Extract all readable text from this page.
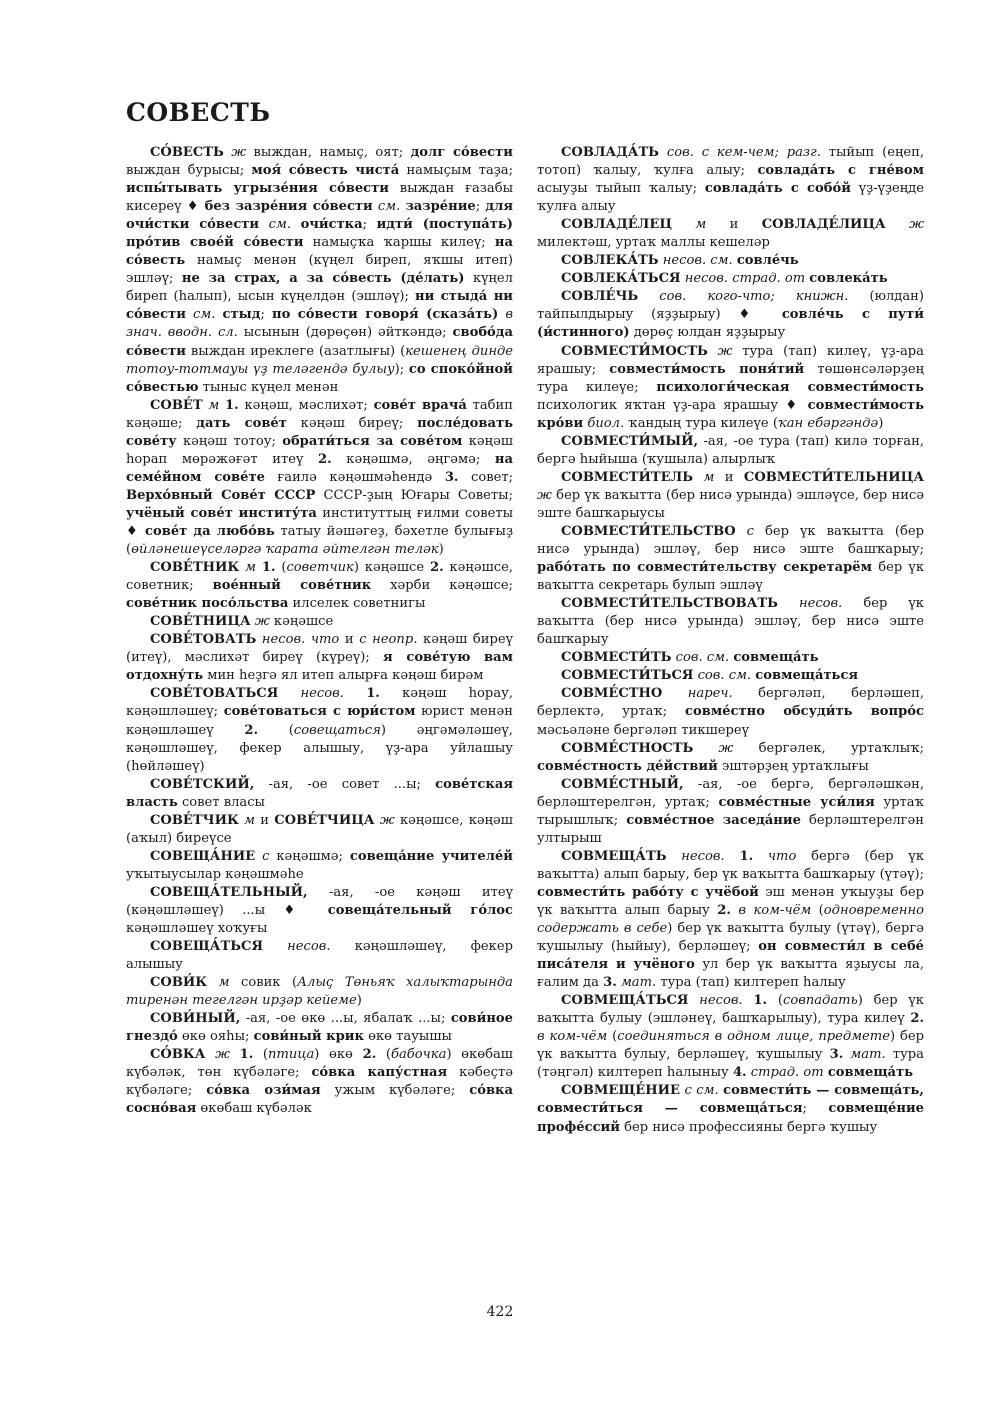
СОВЕСТЬ

СО́ВЕСТЬ ж выждан, намыҫ, оят; долг со́вести выждан бурысы; моя́ со́весть чиста́ намыҫым таҙа; испы́тывать угрызе́ния со́вести выждан ғазабы кисереү ♦ без зазре́ния со́вести см. зазре́ние; для очи́стки со́вести см. очи́стка; идти́ (поступа́ть) про́тив свое́й со́вести намыҫҡа ҡаршы килеү; на со́весть намыҫ менән (күңел биреп, яҡшы итеп) эшләү; не за страх, а за со́весть (де́лать) күңел биреп (һалып), ысын күңелдән (эшләү); ни стыда́ ни со́вести см. стыд; по со́вести говоря́ (сказа́ть) в знач. вводн. сл. ысынын (дөрөҫөн) әйткәндә; свобо́да со́вести выждан иреклеге (азатлығы) (кешенең динде тотоу-тотмауы үҙ теләгендә булыу); со споко́йной со́вестью тыныс күңел менән

СОВЕ́Т м 1. кәңәш, мәслихәт; сове́т врача́ табип кәңәше; дать сове́т кәңәш биреү; после́довать сове́ту кәңәш тотоу; обрати́ться за сове́том кәңәш һорап мөрәжәғәт итеү 2. кәңәшмә, әңгәмә; на семе́йном сове́те ғаилә кәңәшмәһендә 3. совет; Верхо́вный Сове́т СССР СССР-ҙың Юғары Советы; учёный сове́т институ́та институттың ғилми советы ♦ сове́т да любо́вь татыу йәшәгеҙ, бәхетле булығыҙ (өйләнешеүселәргә ҡарата әйтелгән теләк)

СОВЕ́ТНИК м 1. (советчик) кәңәшсе 2. кәңәшсе, советник; вое́нный сове́тник хәрби кәңәшсе; сове́тник посо́льства илселек советнигы

СОВЕ́ТНИЦА ж кәңәшсе

СОВЕ́ТОВАТЬ несов. что и с неопр. кәңәш биреү (итеү), мәслихәт биреү (күреү); я сове́тую вам отдохну́ть мин һеҙгә ял итеп алырға кәңәш бирәм

СОВЕ́ТОВАТЬСЯ несов. 1. кәңәш һорау, кәңәшләшеү; сове́товаться с юри́стом юрист менән кәңәшләшеү 2. (совещаться) әңгәмәләшеү, кәңәшләшеү, фекер алышыу, үҙ-ара уйлашыу (һөйләшеү)

СОВЕ́ТСКИЙ, -ая, -ое совет ...ы; сове́тская власть совет власы

СОВЕ́ТЧИК м и СОВЕ́ТЧИЦА ж кәңәшсе, кәңәш (аҡыл) биреүсе

СОВЕЩА́НИЕ с кәңәшмә; совеща́ние учителе́й уҡытыусылар кәңәшмәһе

СОВЕЩА́ТЕЛЬНЫЙ, -ая, -ое кәңәш итеү (кәңәшләшеү) ...ы ♦ совеща́тельный го́лос кәңәшләшеү хоҡуғы

СОВЕЩА́ТЬСЯ несов. кәңәшләшеү, фекер алышыу

СОВИ́К м совик (Алыҫ Төньяҡ халыҡтарында тиренән тегелгән ирҙәр кейеме)

СОВИ́НЫЙ, -ая, -ое өкө ...ы, ябалаҡ ...ы; сови́ное гнездо́ өкө ояһы; сови́ный крик өкө тауышы

СО́ВКА ж 1. (птица) өкө 2. (бабочка) өкөбаш күбәләк, төн күбәләге; со́вка капу́стная кәбеҫтә күбәләге; со́вка ози́мая ужым күбәләге; со́вка сосно́вая өкөбаш күбәләк

СОВЛАДА́ТЬ сов. с кем-чем; разг. тыйып (еңеп, тотоп) ҡалыу, ҡулға алыу; совлада́ть с гне́вом асыуҙы тыйып ҡалыу; совлада́ть с собо́й үҙ-үҙеңде ҡулға алыу

СОВЛАДЕ́ЛЕЦ м и СОВЛАДЕ́ЛИЦА ж милектәш, уртаҡ маллы кешеләр

СОВЛЕКА́ТЬ несов. см. совле́чь

СОВЛЕКА́ТЬСЯ несов. страд. от совлека́ть

СОВЛЕ́ЧЬ сов. кого-что; книжн. (юлдан) тайпылдырыу (яҙҙырыу) ♦ совле́чь с пути́ (и́стинного) дөрөҫ юлдан яҙҙырыу

СОВМЕСТИ́МОСТЬ ж тура (тап) килеү, үҙ-ара ярашыу; совмести́мость поня́тий төшөнсәләрҙең тура килеүе; психологи́ческая совмести́мость психологик яҡтан үҙ-ара ярашыу ♦ совмести́мость кро́ви биол. ҡандың тура килеүе (ҡан ебәргәндә)

СОВМЕСТИ́МЫЙ, -ая, -ое тура (тап) килә торған, бергә һыйыша (ҡушыла) алырлыҡ

СОВМЕСТИ́ТЕЛЬ м и СОВМЕСТИ́ТЕЛЬНИЦА ж бер үк ваҡытта (бер нисә урында) эшләүсе, бер нисә эште башҡарыусы

СОВМЕСТИ́ТЕЛЬСТВО с бер үк ваҡытта (бер нисә урында) эшләү, бер нисә эште башҡарыу; рабо́тать по совмести́тельству секретарём бер үк ваҡытта секретарь булып эшләү

СОВМЕСТИ́ТЕЛЬСТВОВАТЬ несов. бер үк ваҡытта (бер нисә урында) эшләү, бер нисә эште башҡарыу

СОВМЕСТИ́ТЬ сов. см. совмеща́ть

СОВМЕСТИ́ТЬСЯ сов. см. совмеща́ться

СОВМЕ́СТНО нареч. бергәләп, берләшеп, берлектә, уртаҡ; совме́стно обсуди́ть вопро́с мәсьәләне бергәләп тикшереү

СОВМЕ́СТНОСТЬ ж бергәлек, уртаҡлыҡ; совме́стность де́йствий эштәрҙең уртаҡлығы

СОВМЕ́СТНЫЙ, -ая, -ое бергә, бергәләшкән, берләштерелгән, уртаҡ; совме́стные уси́лия уртаҡ тырышлыҡ; совме́стное заседа́ние берләштерелгән ултырыш

СОВМЕЩА́ТЬ несов. 1. что бергә (бер үк ваҡытта) алып барыу, бер үк ваҡытта башҡарыу (үтәү); совмести́ть рабо́ту с учёбой эш менән уҡыуҙы бер үк ваҡытта алып барыу 2. в ком-чём (одновременно содержать в себе) бер үк ваҡытта булыу (үтәү), бергә ҡушылыу (һыйыу), берләшеү; он совмести́л в себе́ писа́теля и учёного ул бер үк ваҡытта яҙыусы ла, ғалим да 3. мат. тура (тап) килтереп һалыу

СОВМЕЩА́ТЬСЯ несов. 1. (совпадать) бер үк ваҡытта булыу (эшләнеү, башҡарылыу), тура килеү 2. в ком-чём (соединяться в одном лице, предмете) бер үк ваҡытта булыу, берләшеү, ҡушылыу 3. мат. тура (тәңгәл) килтереп һалыныу 4. страд. от совмеща́ть

СОВМЕЩЕ́НИЕ с см. совмести́ть — совмеща́ть, совмести́ться — совмеща́ться; совмеще́ние профе́ссий бер нисә профессияны бергә ҡушыу

422
